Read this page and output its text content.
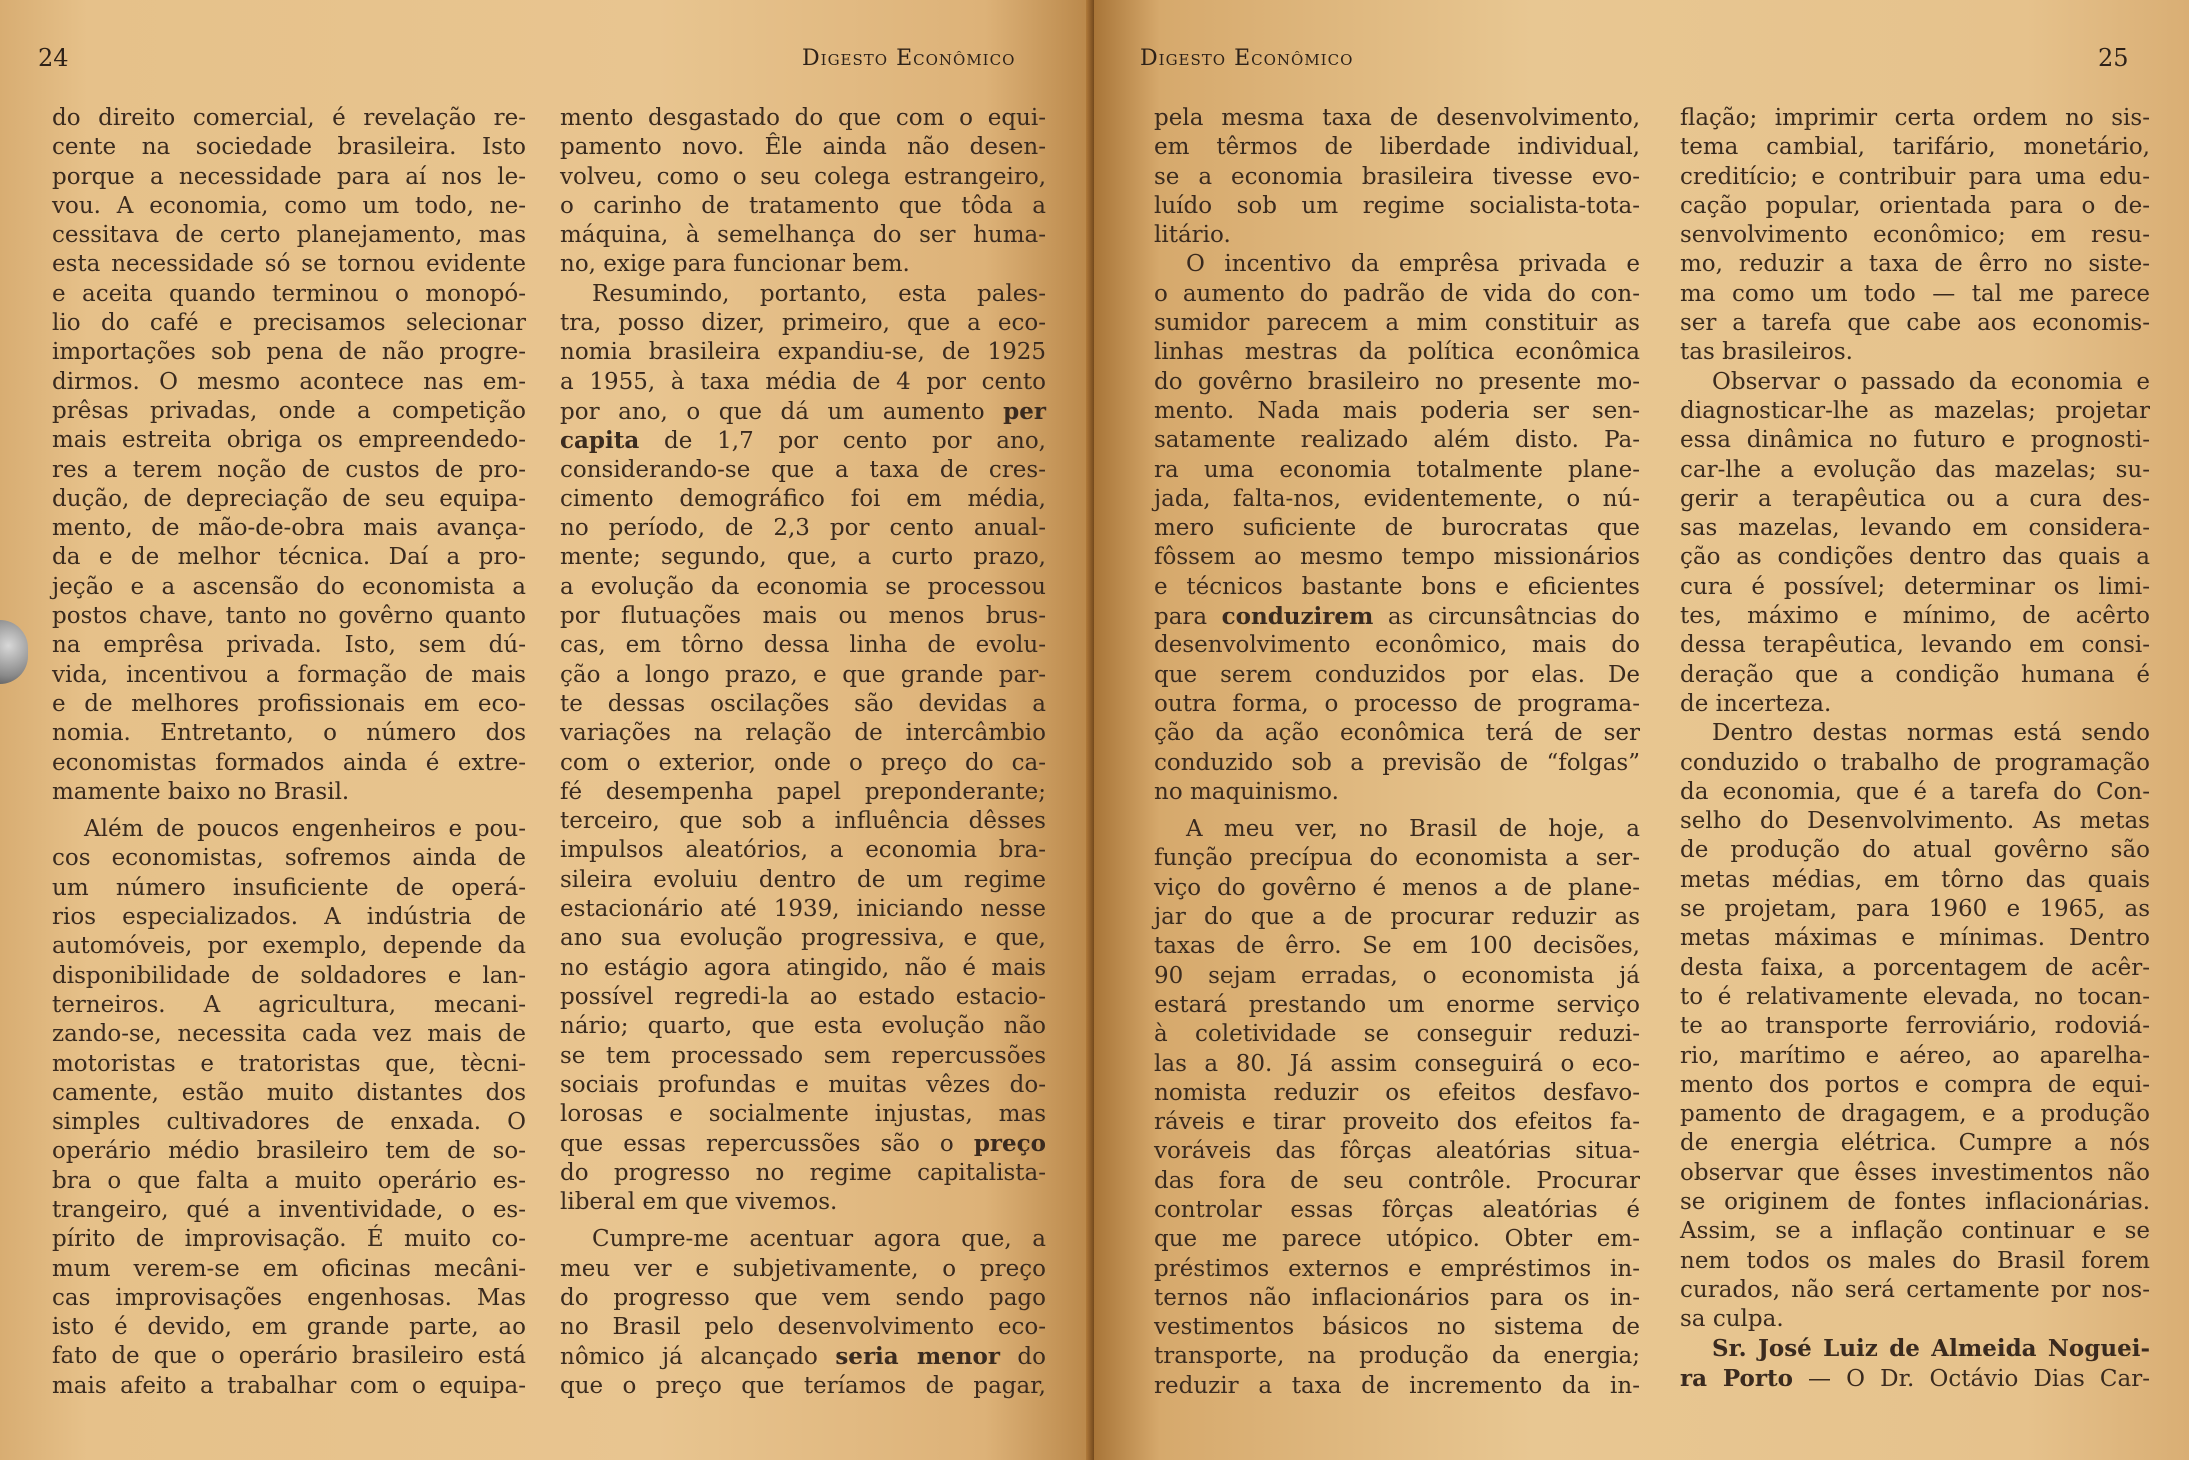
24	Digesto Econômico
do direito comercial, é revelação re-
cente na sociedade brasileira. Isto
porque a necessidade para aí nos le-
vou. A economia, como um todo, ne-
cessitava de certo planejamento, mas
esta necessidade só se tornou evidente
e aceita quando terminou o monopó-
lio do café e precisamos selecionar
importações sob pena de não progre-
dirmos. O mesmo acontece nas em-
prêsas privadas, onde a competição
mais estreita obriga os empreendedo-
res a terem noção de custos de pro-
dução, de depreciação de seu equipa-
mento, de mão-de-obra mais avança-
da e de melhor técnica. Daí a pro-
jeção e a ascensão do economista a
postos chave, tanto no govêrno quanto
na emprêsa privada. Isto, sem dú-
vida, incentivou a formação de mais
e de melhores profissionais em eco-
nomia. Entretanto, o número dos
economistas formados ainda é extre-
mamente baixo no Brasil.
Além de poucos engenheiros e pou-
cos economistas, sofremos ainda de
um número insuficiente de operá-
rios especializados. A indústria de
automóveis, por exemplo, depende da
disponibilidade de soldadores e lan-
terneiros. A agricultura, mecani-
zando-se, necessita cada vez mais de
motoristas e tratoristas que, tècni-
camente, estão muito distantes dos
simples cultivadores de enxada. O
operário médio brasileiro tem de so-
bra o que falta a muito operário es-
trangeiro, qué a inventividade, o es-
pírito de improvisação. É muito co-
mum verem-se em oficinas mecâni-
cas improvisações engenhosas. Mas
isto é devido, em grande parte, ao
fato de que o operário brasileiro está
mais afeito a trabalhar com o equipa-
mento desgastado do que com o equi-
pamento novo. Êle ainda não desen-
volveu, como o seu colega estrangeiro,
o carinho de tratamento que tôda a
máquina, à semelhança do ser huma-
no, exige para funcionar bem.
Resumindo, portanto, esta pales-
tra, posso dizer, primeiro, que a eco-
nomia brasileira expandiu-se, de 1925
a 1955, à taxa média de 4 por cento
por ano, o que dá um aumento per
capita de 1,7 por cento por ano,
considerando-se que a taxa de cres-
cimento demográfico foi em média,
no período, de 2,3 por cento anual-
mente; segundo, que, a curto prazo,
a evolução da economia se processou
por flutuações mais ou menos brus-
cas, em tôrno dessa linha de evolu-
ção a longo prazo, e que grande par-
te dessas oscilações são devidas a
variações na relação de intercâmbio
com o exterior, onde o preço do ca-
fé desempenha papel preponderante;
terceiro, que sob a influência dêsses
impulsos aleatórios, a economia bra-
sileira evoluiu dentro de um regime
estacionário até 1939, iniciando nesse
ano sua evolução progressiva, e que,
no estágio agora atingido, não é mais
possível regredi-la ao estado estacio-
nário; quarto, que esta evolução não
se tem processado sem repercussões
sociais profundas e muitas vêzes do-
lorosas e socialmente injustas, mas
que essas repercussões são o preço
do progresso no regime capitalista-
liberal em que vivemos.
Cumpre-me acentuar agora que, a
meu ver e subjetivamente, o preço
do progresso que vem sendo pago
no Brasil pelo desenvolvimento eco-
nômico já alcançado seria menor do
que o preço que teríamos de pagar,
Digesto Econômico	25
pela mesma taxa de desenvolvimento,
em têrmos de liberdade individual,
se a economia brasileira tivesse evo-
luído sob um regime socialista-tota-
litário.
O incentivo da emprêsa privada e
o aumento do padrão de vida do con-
sumidor parecem a mim constituir as
linhas mestras da política econômica
do govêrno brasileiro no presente mo-
mento. Nada mais poderia ser sen-
satamente realizado além disto. Pa-
ra uma economia totalmente plane-
jada, falta-nos, evidentemente, o nú-
mero suficiente de burocratas que
fôssem ao mesmo tempo missionários
e técnicos bastante bons e eficientes
para conduzirem as circunsâtncias do
desenvolvimento econômico, mais do
que serem conduzidos por elas. De
outra forma, o processo de programa-
ção da ação econômica terá de ser
conduzido sob a previsão de “folgas”
no maquinismo.
A meu ver, no Brasil de hoje, a
função precípua do economista a ser-
viço do govêrno é menos a de plane-
jar do que a de procurar reduzir as
taxas de êrro. Se em 100 decisões,
90 sejam erradas, o economista já
estará prestando um enorme serviço
à coletividade se conseguir reduzi-
las a 80. Já assim conseguirá o eco-
nomista reduzir os efeitos desfavo-
ráveis e tirar proveito dos efeitos fa-
voráveis das fôrças aleatórias situa-
das fora de seu contrôle. Procurar
controlar essas fôrças aleatórias é
que me parece utópico. Obter em-
préstimos externos e empréstimos in-
ternos não inflacionários para os in-
vestimentos básicos no sistema de
transporte, na produção da energia;
reduzir a taxa de incremento da in-
flação; imprimir certa ordem no sis-
tema cambial, tarifário, monetário,
creditício; e contribuir para uma edu-
cação popular, orientada para o de-
senvolvimento econômico; em resu-
mo, reduzir a taxa de êrro no siste-
ma como um todo — tal me parece
ser a tarefa que cabe aos economis-
tas brasileiros.
Observar o passado da economia e
diagnosticar-lhe as mazelas; projetar
essa dinâmica no futuro e prognosti-
car-lhe a evolução das mazelas; su-
gerir a terapêutica ou a cura des-
sas mazelas, levando em considera-
ção as condições dentro das quais a
cura é possível; determinar os limi-
tes, máximo e mínimo, de acêrto
dessa terapêutica, levando em consi-
deração que a condição humana é
de incerteza.
Dentro destas normas está sendo
conduzido o trabalho de programação
da economia, que é a tarefa do Con-
selho do Desenvolvimento. As metas
de produção do atual govêrno são
metas médias, em tôrno das quais
se projetam, para 1960 e 1965, as
metas máximas e mínimas. Dentro
desta faixa, a porcentagem de acêr-
to é relativamente elevada, no tocan-
te ao transporte ferroviário, rodoviá-
rio, marítimo e aéreo, ao aparelha-
mento dos portos e compra de equi-
pamento de dragagem, e a produção
de energia elétrica. Cumpre a nós
observar que êsses investimentos não
se originem de fontes inflacionárias.
Assim, se a inflação continuar e se
nem todos os males do Brasil forem
curados, não será certamente por nos-
sa culpa.
Sr. José Luiz de Almeida Noguei-
ra Porto — O Dr. Octávio Dias Car-
